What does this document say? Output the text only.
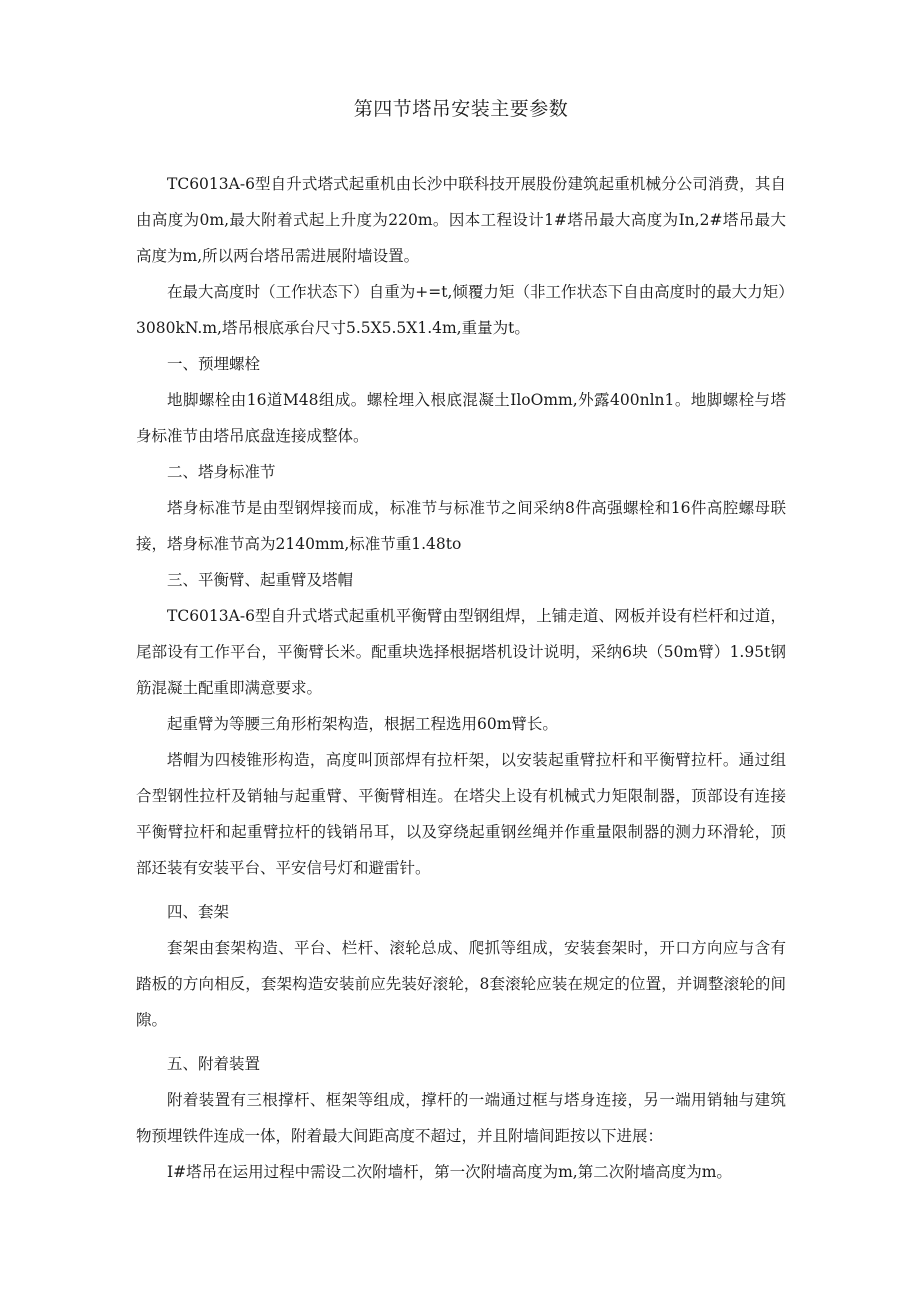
第四节塔吊安装主要参数

TC6013A-6型自升式塔式起重机由长沙中联科技开展股份建筑起重机械分公司消费，其自由高度为0m,最大附着式起上升度为220m。因本工程设计1#塔吊最大高度为In,2#塔吊最大高度为m,所以两台塔吊需进展附墙设置。

在最大高度时（工作状态下）自重为+=t,倾覆力矩（非工作状态下自由高度时的最大力矩）3080kN.m,塔吊根底承台尺寸5.5X5.5X1.4m,重量为t。

一、预埋螺栓

地脚螺栓由16道M48组成。螺栓埋入根底混凝土IloOmm,外露400nln1。地脚螺栓与塔身标准节由塔吊底盘连接成整体。

二、塔身标准节

塔身标准节是由型钢焊接而成，标准节与标准节之间采纳8件高强螺栓和16件高腔螺母联接，塔身标准节高为2140mm,标准节重1.48to

三、平衡臂、起重臂及塔帽

TC6013A-6型自升式塔式起重机平衡臂由型钢组焊，上铺走道、网板并设有栏杆和过道，尾部设有工作平台，平衡臂长米。配重块选择根据塔机设计说明，采纳6块（50m臂）1.95t钢筋混凝土配重即满意要求。

起重臂为等腰三角形桁架构造，根据工程选用60m臂长。

塔帽为四棱锥形构造，高度叫顶部焊有拉杆架，以安装起重臂拉杆和平衡臂拉杆。通过组合型钢性拉杆及销轴与起重臂、平衡臂相连。在塔尖上设有机械式力矩限制器，顶部设有连接平衡臂拉杆和起重臂拉杆的钱销吊耳，以及穿绕起重钢丝绳并作重量限制器的测力环滑轮，顶部还装有安装平台、平安信号灯和避雷针。

四、套架

套架由套架构造、平台、栏杆、滚轮总成、爬抓等组成，安装套架时，开口方向应与含有踏板的方向相反，套架构造安装前应先装好滚轮，8套滚轮应装在规定的位置，并调整滚轮的间隙。

五、附着装置

附着装置有三根撑杆、框架等组成，撑杆的一端通过框与塔身连接，另一端用销轴与建筑物预埋铁件连成一体，附着最大间距高度不超过，并且附墙间距按以下进展：

I#塔吊在运用过程中需设二次附墙杆，第一次附墙高度为m,第二次附墙高度为m。
